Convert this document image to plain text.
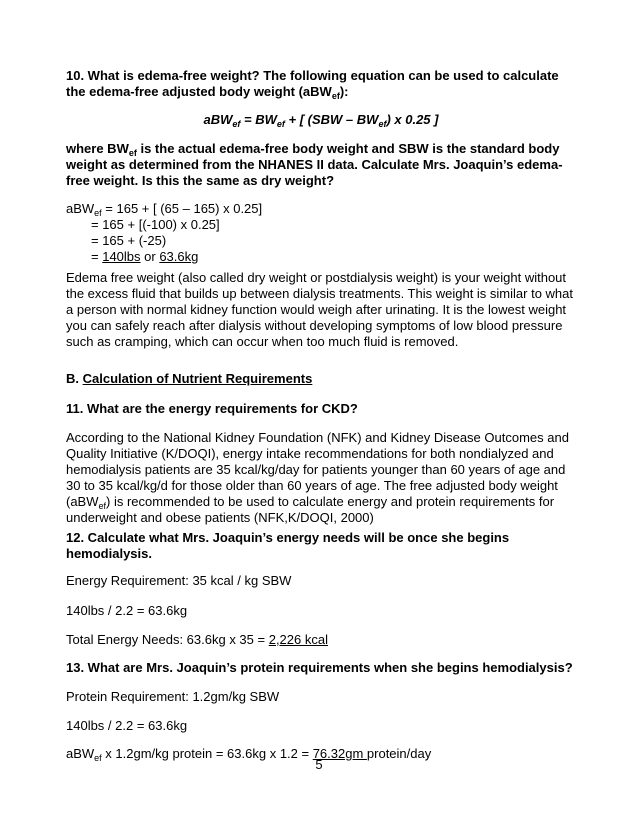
10. What is edema-free weight? The following equation can be used to calculate the edema-free adjusted body weight (aBW$_{ef}$):

$aBW_{ef} = BW_{ef}$ + [ $(SBW - BW_{ef})$ x 0.25 ]

where $BW_{ef}$ is the actual edema-free body weight and SBW is the standard body weight as determined from the NHANES II data. Calculate Mrs. Joaquin’s edema-free weight. Is this the same as dry weight?

aBW$_{ef}$ = 165 + [ (65 – 165) x 0.25]
= 165 + [(-100) x 0.25]
= 165 + (-25)
= 140lbs or 63.6kg

Edema free weight (also called dry weight or postdialysis weight) is your weight without the excess fluid that builds up between dialysis treatments. This weight is similar to what a person with normal kidney function would weigh after urinating. It is the lowest weight you can safely reach after dialysis without developing symptoms of low blood pressure such as cramping, which can occur when too much fluid is removed.

B. Calculation of Nutrient Requirements

11. What are the energy requirements for CKD?

According to the National Kidney Foundation (NFK) and Kidney Disease Outcomes and Quality Initiative (K/DOQI), energy intake recommendations for both nondialyzed and hemodialysis patients are 35 kcal/kg/day for patients younger than 60 years of age and 30 to 35 kcal/kg/d for those older than 60 years of age. The free adjusted body weight (aBW$_{ef}$) is recommended to be used to calculate energy and protein requirements for underweight and obese patients (NFK,K/DOQI, 2000)

12. Calculate what Mrs. Joaquin’s energy needs will be once she begins hemodialysis.

Energy Requirement: 35 kcal / kg SBW

140lbs / 2.2 = 63.6kg

Total Energy Needs: 63.6kg x 35 = 2,226 kcal

13. What are Mrs. Joaquin’s protein requirements when she begins hemodialysis?

Protein Requirement: 1.2gm/kg SBW

140lbs / 2.2 = 63.6kg

aBW$_{ef}$ x 1.2gm/kg protein = 63.6kg x 1.2 = 76.32gm protein/day

5
